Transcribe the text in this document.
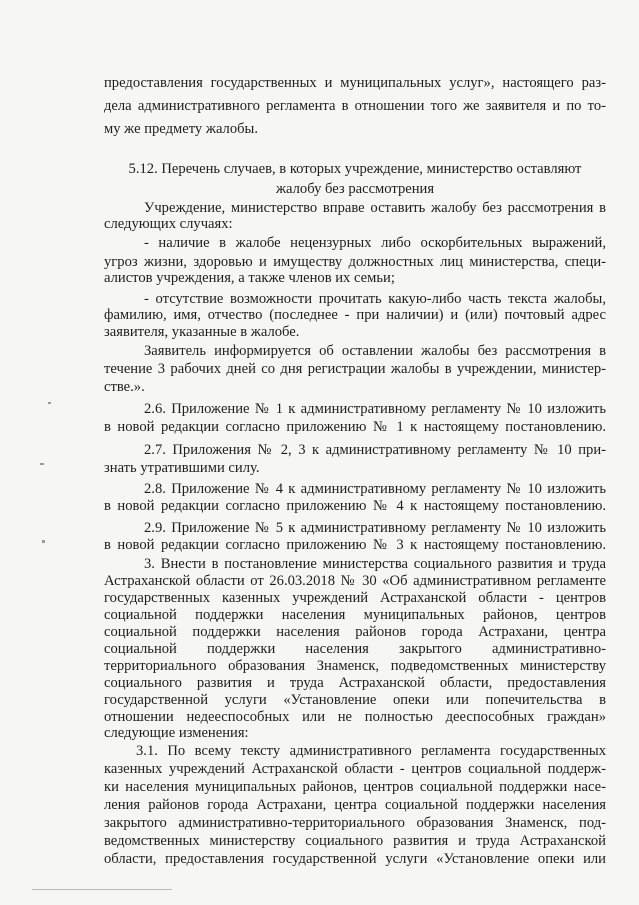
предоставления государственных и муниципальных услуг», настоящего раз-
дела административного регламента в отношении того же заявителя и по то-
му же предмету жалобы.
5.12. Перечень случаев, в которых учреждение, министерство оставляют
жалобу без рассмотрения
Учреждение, министерство вправе оставить жалобу без рассмотрения в
следующих случаях:
- наличие в жалобе нецензурных либо оскорбительных выражений,
угроз жизни, здоровью и имуществу должностных лиц министерства, специ-
алистов учреждения, а также членов их семьи;
- отсутствие возможности прочитать какую-либо часть текста жалобы,
фамилию, имя, отчество (последнее - при наличии) и (или) почтовый адрес
заявителя, указанные в жалобе.
Заявитель информируется об оставлении жалобы без рассмотрения в
течение 3 рабочих дней со дня регистрации жалобы в учреждении, министер-
стве.».
2.6. Приложение № 1 к административному регламенту № 10 изложить
в новой редакции согласно приложению № 1 к настоящему постановлению.
2.7. Приложения № 2, 3 к административному регламенту № 10 при-
знать утратившими силу.
2.8. Приложение № 4 к административному регламенту № 10 изложить
в новой редакции согласно приложению № 4 к настоящему постановлению.
2.9. Приложение № 5 к административному регламенту № 10 изложить
в новой редакции согласно приложению № 3 к настоящему постановлению.
3. Внести в постановление министерства социального развития и труда
Астраханской области от 26.03.2018 № 30 «Об административном регламенте
государственных казенных учреждений Астраханской области - центров
социальной поддержки населения муниципальных районов, центров
социальной поддержки населения районов города Астрахани, центра
социальной поддержки населения закрытого административно-
территориального образования Знаменск, подведомственных министерству
социального развития и труда Астраханской области, предоставления
государственной услуги «Установление опеки или попечительства в
отношении недееспособных или не полностью дееспособных граждан»
следующие изменения:
3.1. По всему тексту административного регламента государственных
казенных учреждений Астраханской области - центров социальной поддерж-
ки населения муниципальных районов, центров социальной поддержки насе-
ления районов города Астрахани, центра социальной поддержки населения
закрытого административно-территориального образования Знаменск, под-
ведомственных министерству социального развития и труда Астраханской
области, предоставления государственной услуги «Установление опеки или
